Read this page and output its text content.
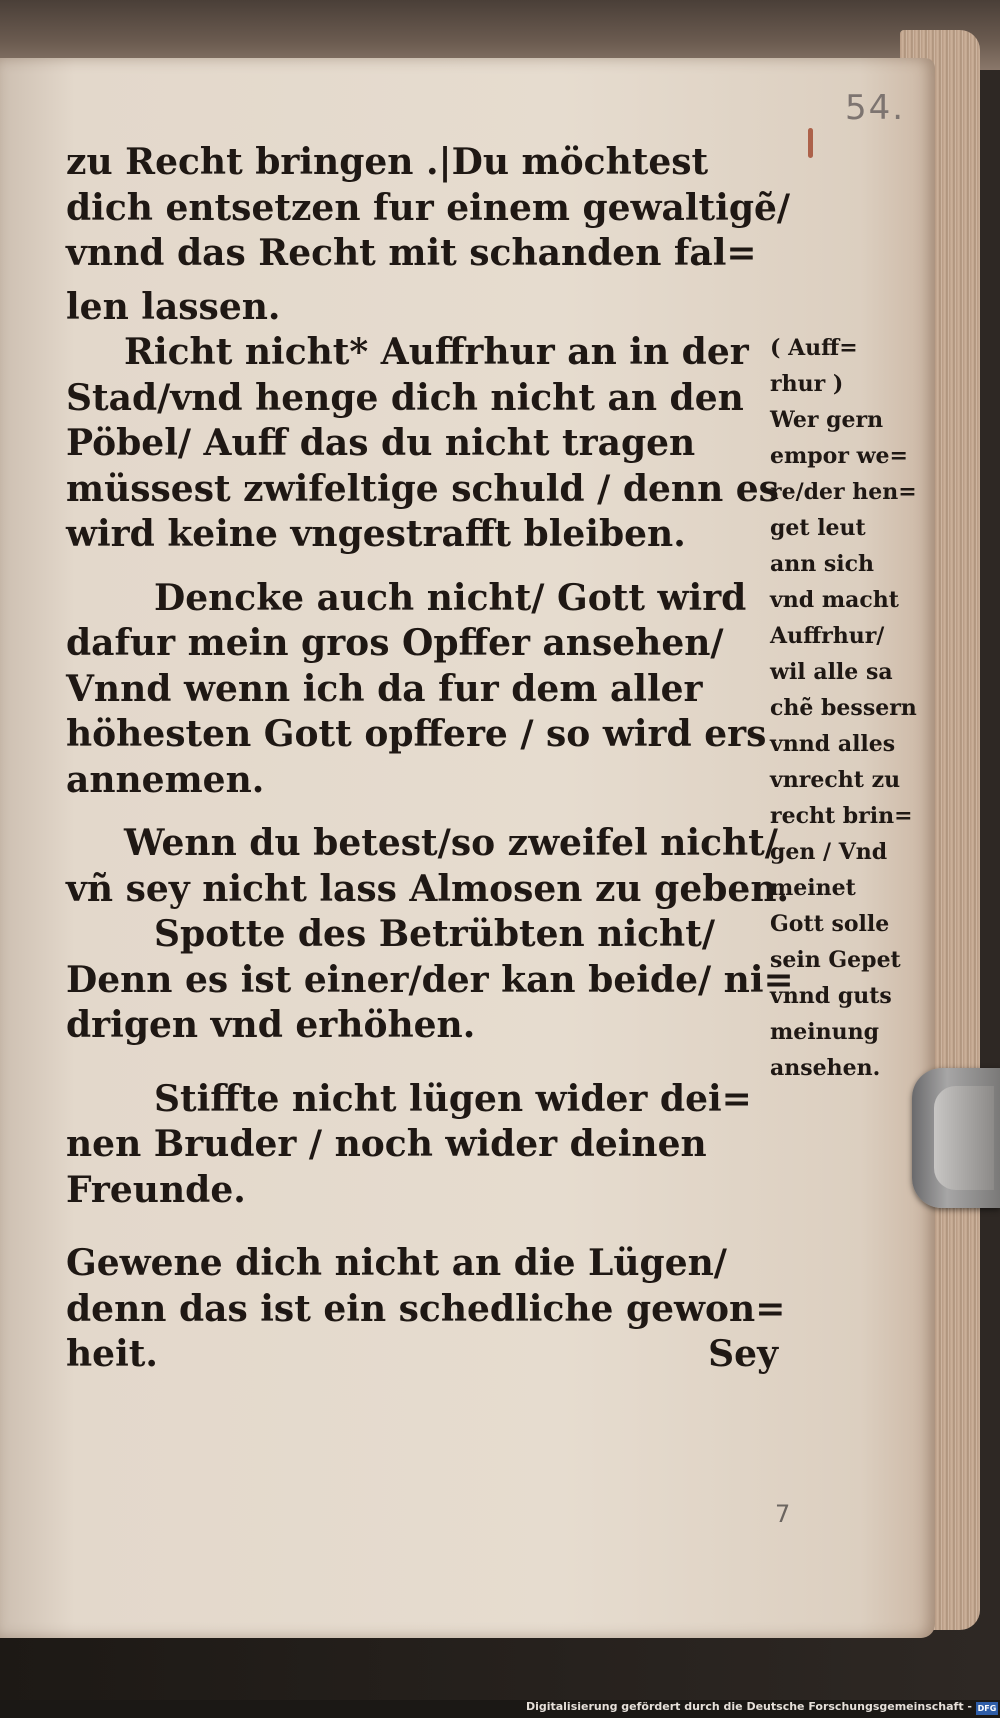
54.
zu Recht bringen .|Du möchtest
dich entsetzen fur einem gewaltigẽ/
vnnd das Recht mit schanden fal=
len lassen.
Richt nicht* Auffrhur an in der
Stad/vnd henge dich nicht an den
Pöbel/ Auff das du nicht tragen
müssest zwifeltige schuld / denn es
wird keine vngestrafft bleiben.
Dencke auch nicht/ Gott wird
dafur mein gros Opffer ansehen/
Vnnd wenn ich da fur dem aller
höhesten Gott opffere / so wird ers
annemen.
Wenn du betest/so zweifel nicht/
vñ sey nicht lass Almosen zu geben.
Spotte des Betrübten nicht/
Denn es ist einer/der kan beide/ ni=
drigen vnd erhöhen.
Stiffte nicht lügen wider dei=
nen Bruder / noch wider deinen
Freunde.
Gewene dich nicht an die Lügen/
denn das ist ein schedliche gewon=
heit.	Sey
( Auff=
rhur )
Wer gern
empor we=
re/der hen=
get leut
ann sich
vnd macht
Auffrhur/
wil alle sa
chẽ bessern
vnnd alles
vnrecht zu
recht brin=
gen / Vnd
meinet
Gott solle
sein Gepet
vnnd guts
meinung
ansehen.
7
Digitalisierung gefördert durch die Deutsche Forschungsgemeinschaft - DFG
